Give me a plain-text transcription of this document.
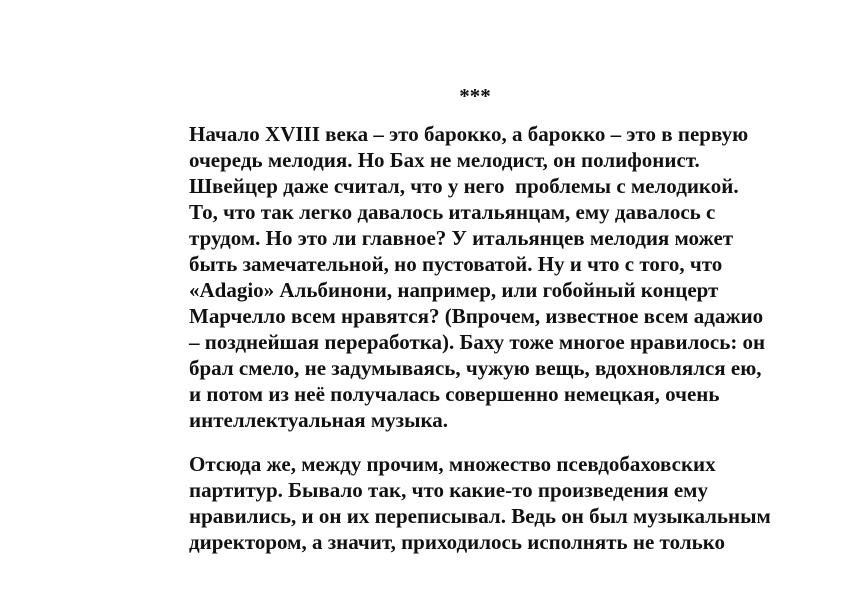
***
Начало XVIII века – это барокко, а барокко – это в первую
очередь мелодия. Но Бах не мелодист, он полифонист.
Швейцер даже считал, что у него  проблемы с мелодикой.
То, что так легко давалось итальянцам, ему давалось с
трудом. Но это ли главное? У итальянцев мелодия может
быть замечательной, но пустоватой. Ну и что с того, что
«Adagio» Альбинони, например, или гобойный концерт
Марчелло всем нравятся? (Впрочем, известное всем адажио
– позднейшая переработка). Баху тоже многое нравилось: он
брал смело, не задумываясь, чужую вещь, вдохновлялся ею,
и потом из неё получалась совершенно немецкая, очень
интеллектуальная музыка.
Отсюда же, между прочим, множество псевдобаховских
партитур. Бывало так, что какие-то произведения ему
нравились, и он их переписывал. Ведь он был музыкальным
директором, а значит, приходилось исполнять не только
